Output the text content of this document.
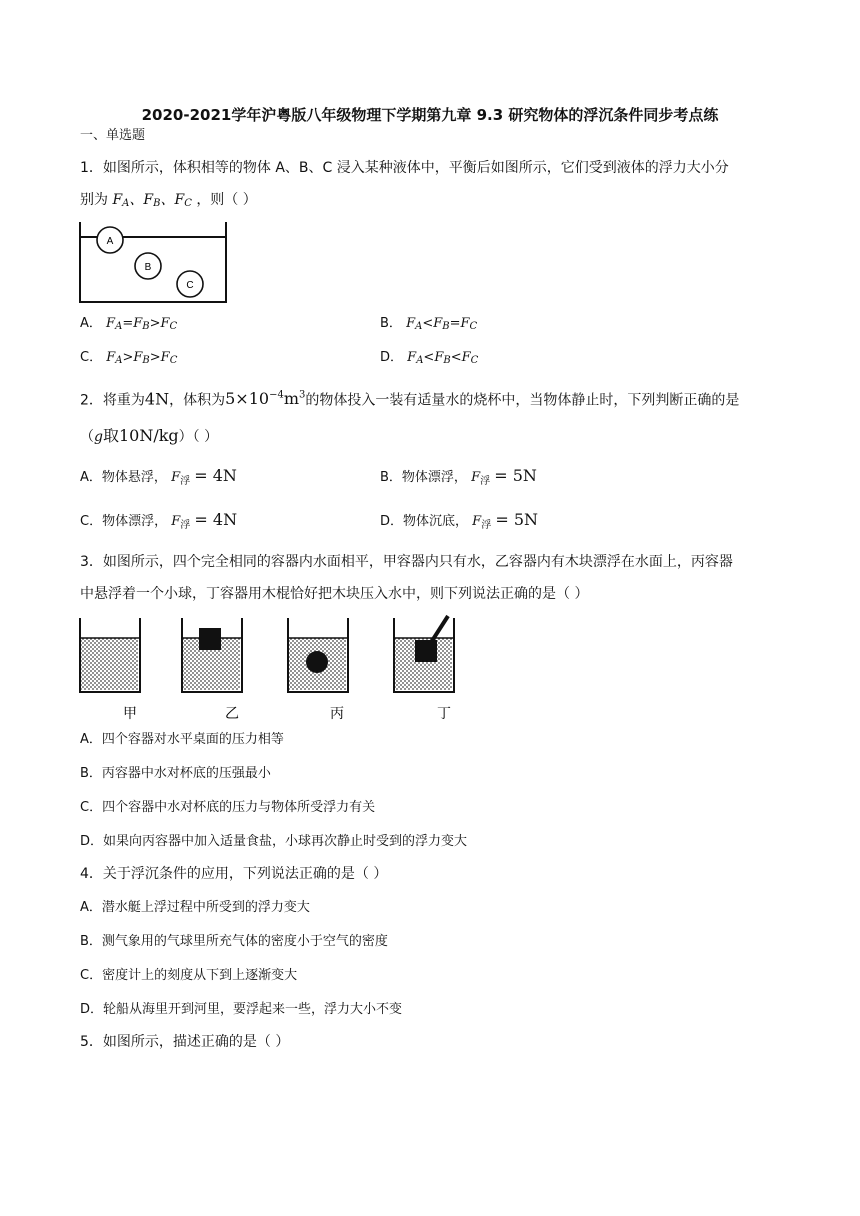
2020-2021学年沪粤版八年级物理下学期第九章 9.3 研究物体的浮沉条件同步考点练
一、单选题
1．如图所示，体积相等的物体 A、B、C 浸入某种液体中，平衡后如图所示，它们受到液体的浮力大小分
别为 $F_A$、$F_B$、$F_C$ ，则（ ）
A
B
C
A． $F_A=F_B>F_C$	B． $F_A<F_B=F_C$
C． $F_A>F_B>F_C$	D． $F_A<F_B<F_C$
2．将重为4N，体积为$5\times 10^{-4}m^3$的物体投入一装有适量水的烧杯中，当物体静止时，下列判断正确的是
（g取10N/kg）（ ）
A．物体悬浮， $F_浮 = 4N$	B．物体漂浮， $F_浮 = 5N$
C．物体漂浮， $F_浮 = 4N$	D．物体沉底， $F_浮 = 5N$
3．如图所示，四个完全相同的容器内水面相平，甲容器内只有水，乙容器内有木块漂浮在水面上，丙容器
中悬浮着一个小球，丁容器用木棍恰好把木块压入水中，则下列说法正确的是（ ）
甲	乙	丙	丁
A．四个容器对水平桌面的压力相等
B．丙容器中水对杯底的压强最小
C．四个容器中水对杯底的压力与物体所受浮力有关
D．如果向丙容器中加入适量食盐，小球再次静止时受到的浮力变大
4．关于浮沉条件的应用，下列说法正确的是（ ）
A．潜水艇上浮过程中所受到的浮力变大
B．测气象用的气球里所充气体的密度小于空气的密度
C．密度计上的刻度从下到上逐渐变大
D．轮船从海里开到河里，要浮起来一些，浮力大小不变
5．如图所示，描述正确的是（ ）
